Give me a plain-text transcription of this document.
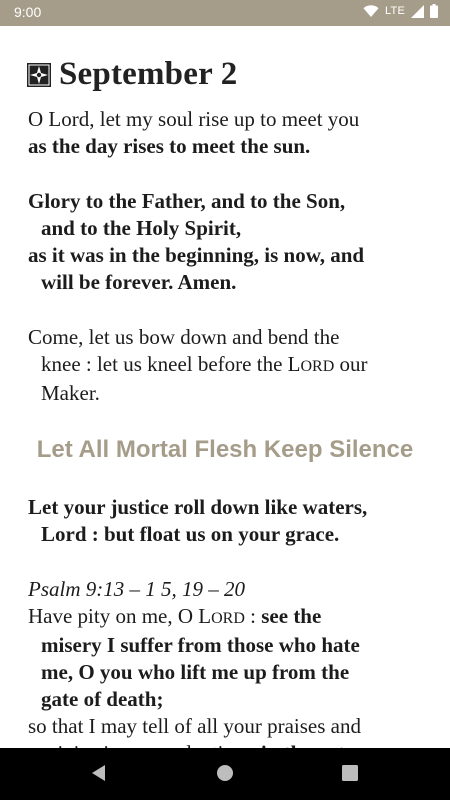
9:00	LTE
September 2
O Lord, let my soul rise up to meet you
as the day rises to meet the sun.
Glory to the Father, and to the Son,
and to the Holy Spirit,
as it was in the beginning, is now, and
will be forever. Amen.
Come, let us bow down and bend the
knee : let us kneel before the LORD our
Maker.
Let All Mortal Flesh Keep Silence
Let your justice roll down like waters,
Lord : but float us on your grace.
Psalm 9:13 – 1 5, 19 – 20
Have pity on me, O LORD : see the
misery I suffer from those who hate
me, O you who lift me up from the
gate of death;
so that I may tell of all your praises and
